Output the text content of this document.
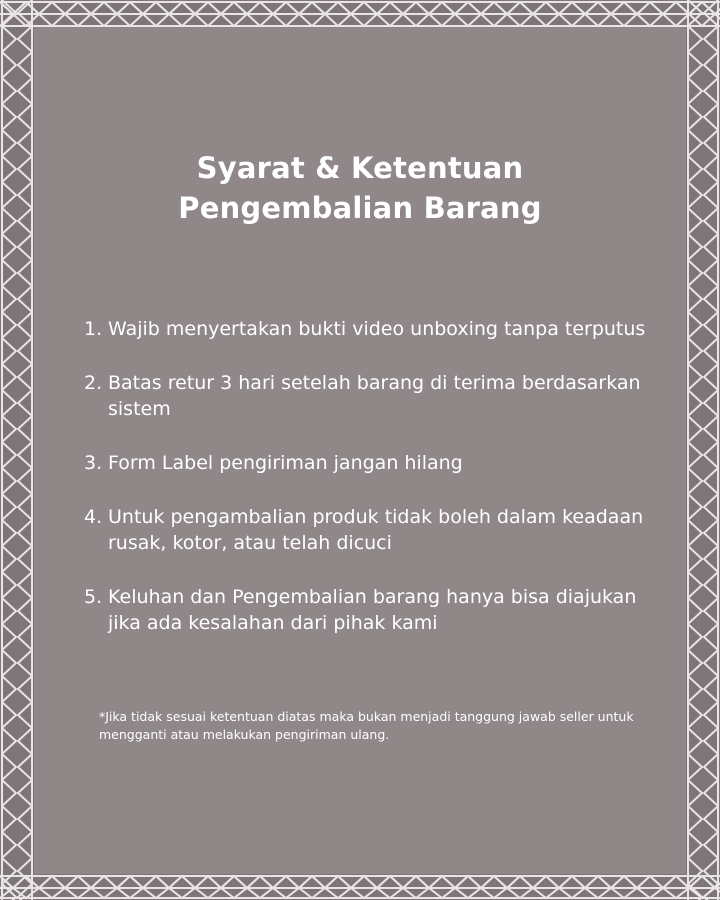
Syarat & Ketentuan
Pengembalian Barang
1. Wajib menyertakan bukti video unboxing tanpa terputus
2. Batas retur 3 hari setelah barang di terima berdasarkan sistem
3. Form Label pengiriman jangan hilang
4. Untuk pengambalian produk tidak boleh dalam keadaan rusak, kotor, atau telah dicuci
5. Keluhan dan Pengembalian barang hanya bisa diajukan jika ada kesalahan dari pihak kami
*Jika tidak sesuai ketentuan diatas maka bukan menjadi tanggung jawab seller untuk mengganti atau melakukan pengiriman ulang.
